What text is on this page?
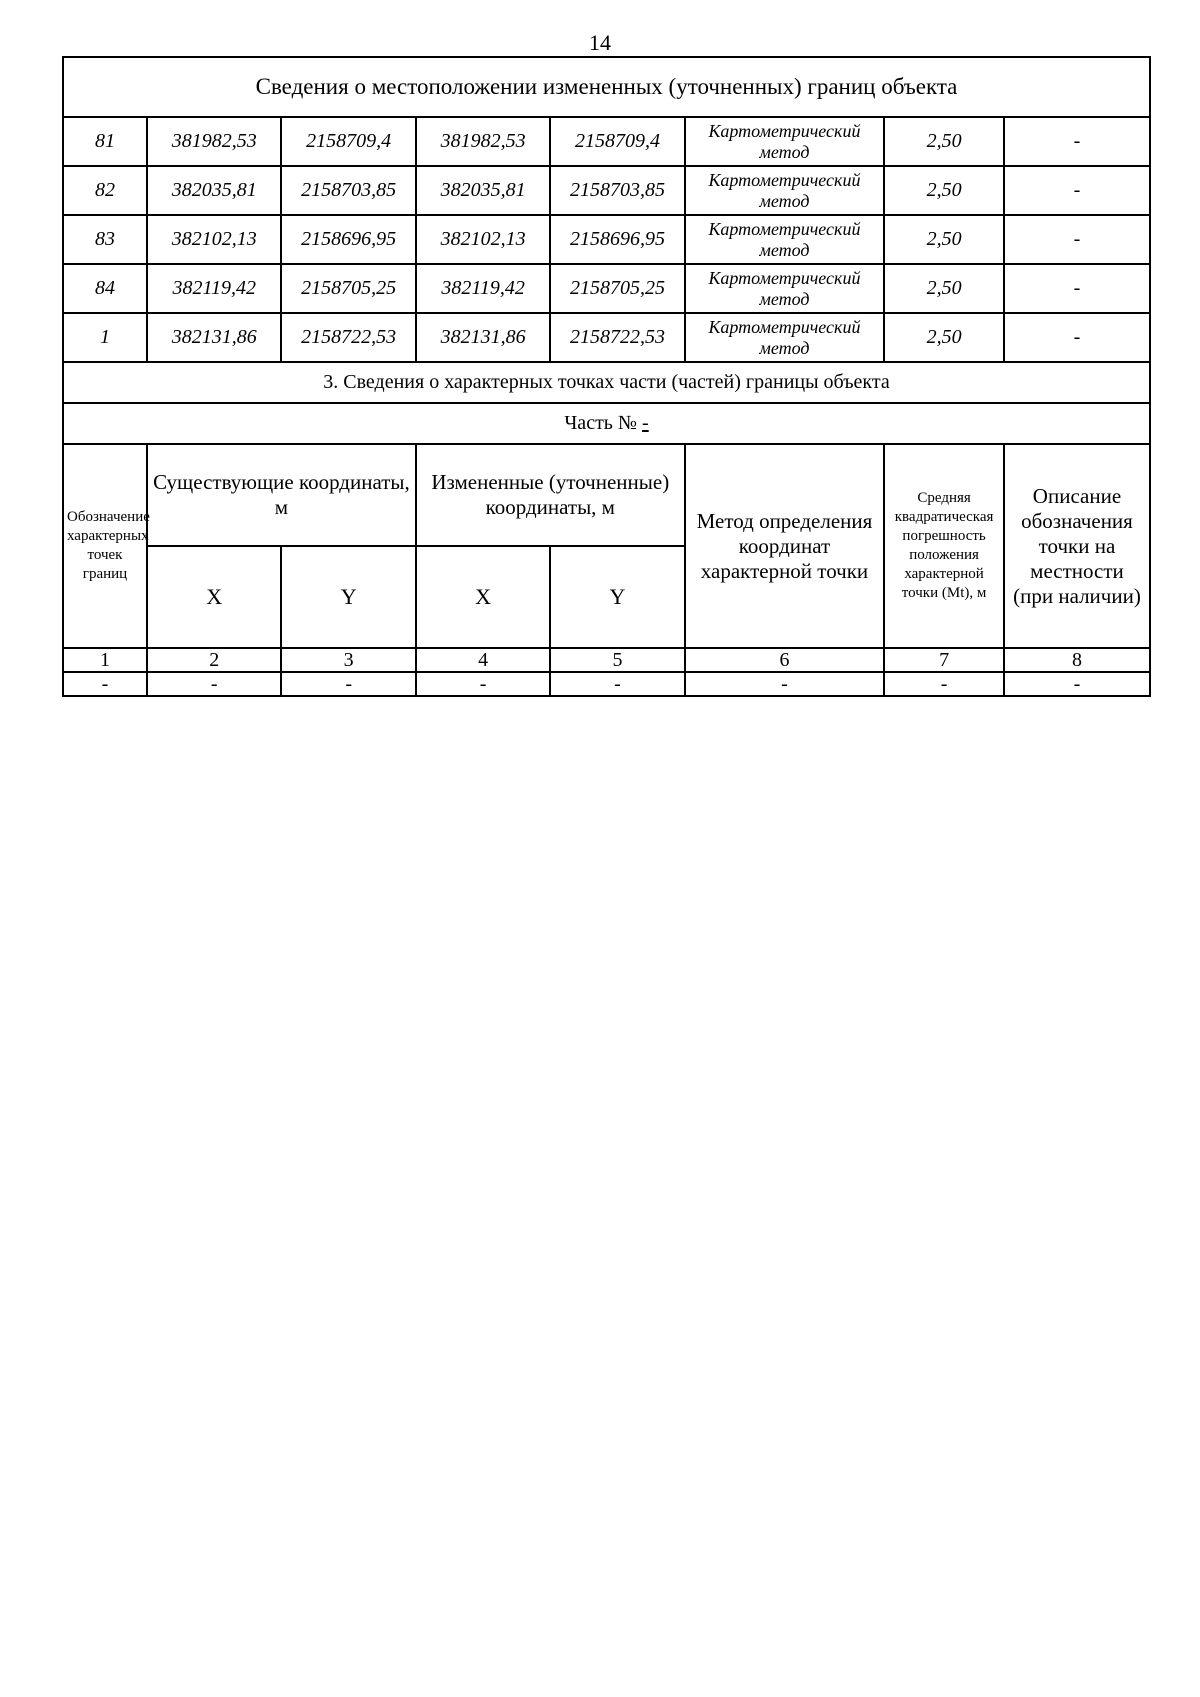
14
Сведения о местоположении измененных (уточненных) границ объекта							
81	381982,53	2158709,4	381982,53	2158709,4	Картометрический метод	2,50	-
82	382035,81	2158703,85	382035,81	2158703,85	Картометрический метод	2,50	-
83	382102,13	2158696,95	382102,13	2158696,95	Картометрический метод	2,50	-
84	382119,42	2158705,25	382119,42	2158705,25	Картометрический метод	2,50	-
1	382131,86	2158722,53	382131,86	2158722,53	Картометрический метод	2,50	-
3. Сведения о характерных точках части (частей) границы объекта							
Часть № -							
Обозначение характерных точек границ	Существующие координаты, м		Измененные (уточненные) координаты, м		Метод определения координат характерной точки	Средняя квадратическая погрешность положения характерной точки (Mt), м	Описание обозначения точки на местности (при наличии)
	X	Y	X	Y			
1	2	3	4	5	6	7	8
-	-	-	-	-	-	-	-
